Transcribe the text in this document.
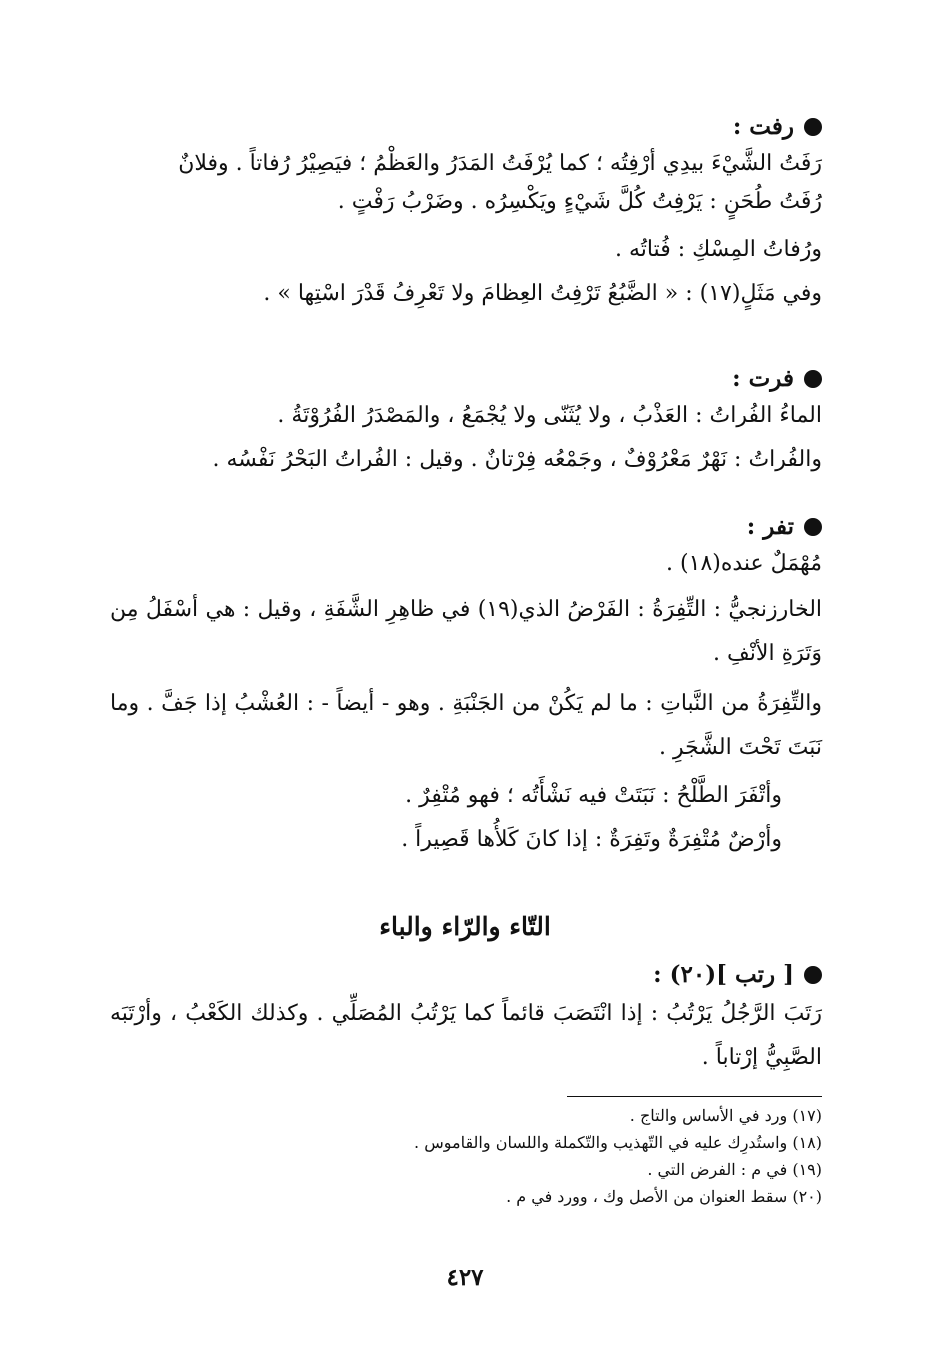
رفت :
رَفَتُ الشَّيْءَ بيدِي أرْفِتُه ؛ كما يُرْفَتُ المَدَرُ والعَظْمُ ؛ فيَصِيْرُ رُفاتاً . وفلانٌ
رُفَتُ طُحَنٍ : يَرْفِتُ كُلَّ شَيْءٍ ويَكْسِرُه . وضَرْبُ رَفْتٍ .
ورُفاتُ المِسْكِ : فُتاتُه .
وفي مَثَلٍ(١٧) : « الضَّبُعُ تَرْفِتُ العِظامَ ولا تَعْرِفُ قَدْرَ اسْتِها » .
فرت :
الماءُ الفُراتُ : العَذْبُ ، ولا يُثَنّى ولا يُجْمَعُ ، والمَصْدَرُ الفُرُوْتَةُ .
والفُراتُ : نَهْرٌ مَعْرُوْفٌ ، وجَمْعُه فِرْتانٌ . وقيل : الفُراتُ البَحْرُ نَفْسُه .
تفر :
مُهْمَلٌ عنده(١٨) .
الخارزنجيُّ : التِّفِرَةُ : الفَرْضُ الذي(١٩) في ظاهِرِ الشَّفَةِ ، وقيل : هي أسْفَلُ مِن وَتَرَةِ الأنْفِ .
والتِّفِرَةُ من النَّباتِ : ما لم يَكُنْ من الجَنْبَةِ . وهو - أيضاً - : العُشْبُ إذا جَفَّ . وما نَبَتَ تَحْتَ الشَّجَرِ .
وأتْفَرَ الطَّلْحُ : نَبَتَتْ فيه نَشْأَتُه ؛ فهو مُتْفِرٌ .
وأرْضٌ مُتْفِرَةٌ وتَفِرَةٌ : إذا كانَ كَلأُها قَصِيراً .
التّاء والرّاء والباء
[ رتب ](٢٠) :
رَتَبَ الرَّجُلُ يَرْتُبُ : إذا انْتَصَبَ قائماً كما يَرْتُبُ المُصَلِّي . وكذلك الكَعْبُ ، وأرْتَبَه الصَّبِيُّ إرْتاباً .
(١٧) ورد في الأساس والتاج .
(١٨) واستُدرِك عليه في التّهذيب والتّكملة واللسان والقاموس .
(١٩) في م : الفرض التي .
(٢٠) سقط العنوان من الأصل وك ، وورد في م .
٤٢٧
